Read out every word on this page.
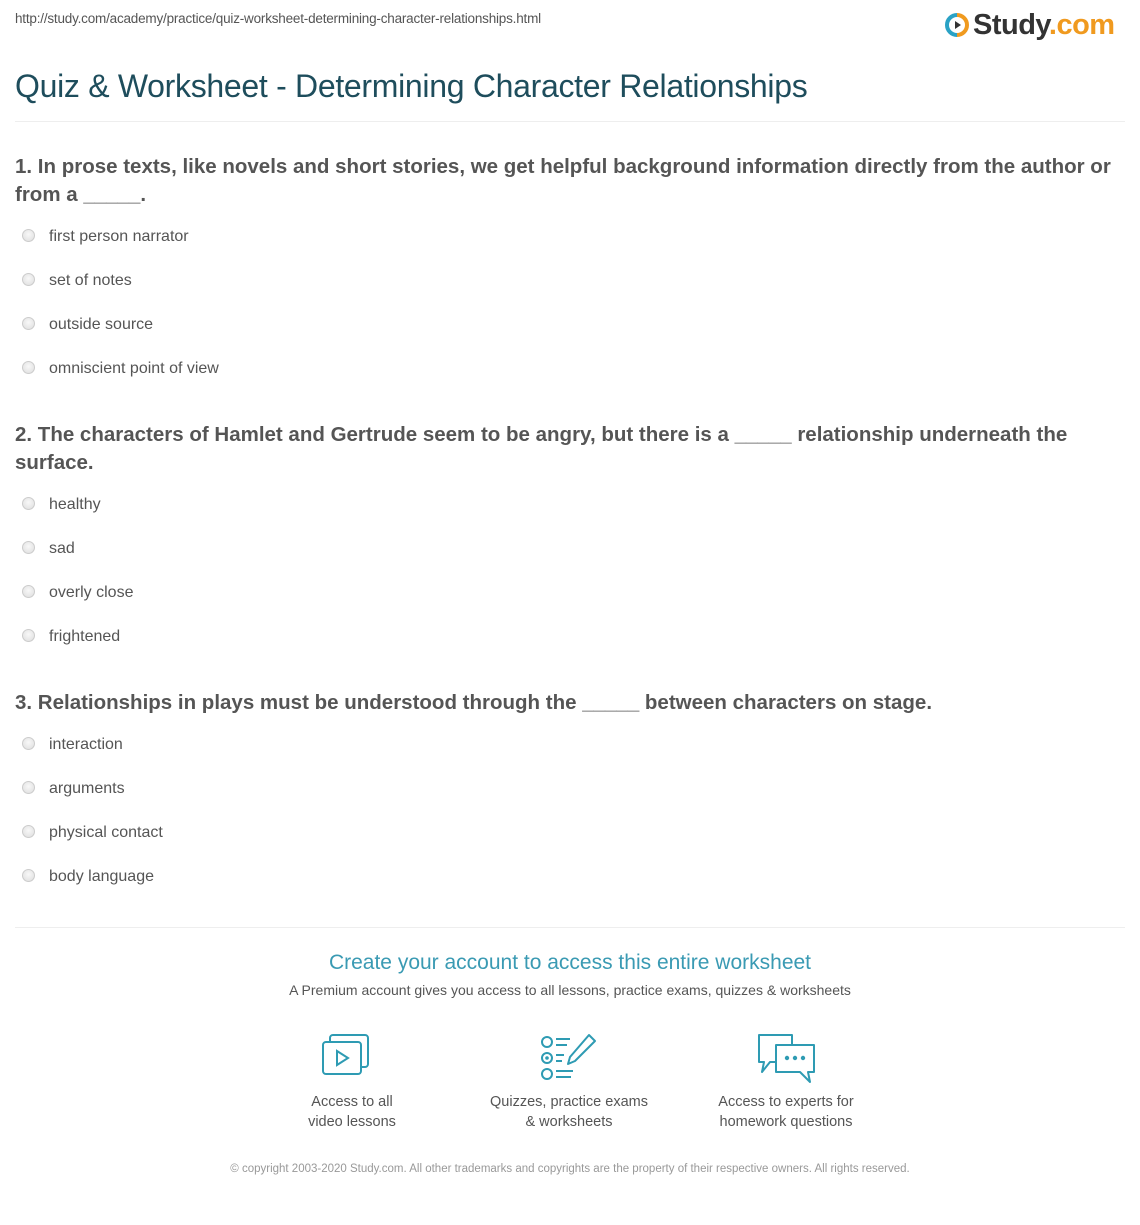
http://study.com/academy/practice/quiz-worksheet-determining-character-relationships.html	Study.com
Quiz & Worksheet - Determining Character Relationships
1. In prose texts, like novels and short stories, we get helpful background information directly from the author or from a _____.
first person narrator
set of notes
outside source
omniscient point of view
2. The characters of Hamlet and Gertrude seem to be angry, but there is a _____ relationship underneath the surface.
healthy
sad
overly close
frightened
3. Relationships in plays must be understood through the _____ between characters on stage.
interaction
arguments
physical contact
body language
Create your account to access this entire worksheet
A Premium account gives you access to all lessons, practice exams, quizzes & worksheets
Access to all
video lessons
Quizzes, practice exams
& worksheets
Access to experts for
homework questions
© copyright 2003-2020 Study.com. All other trademarks and copyrights are the property of their respective owners. All rights reserved.
